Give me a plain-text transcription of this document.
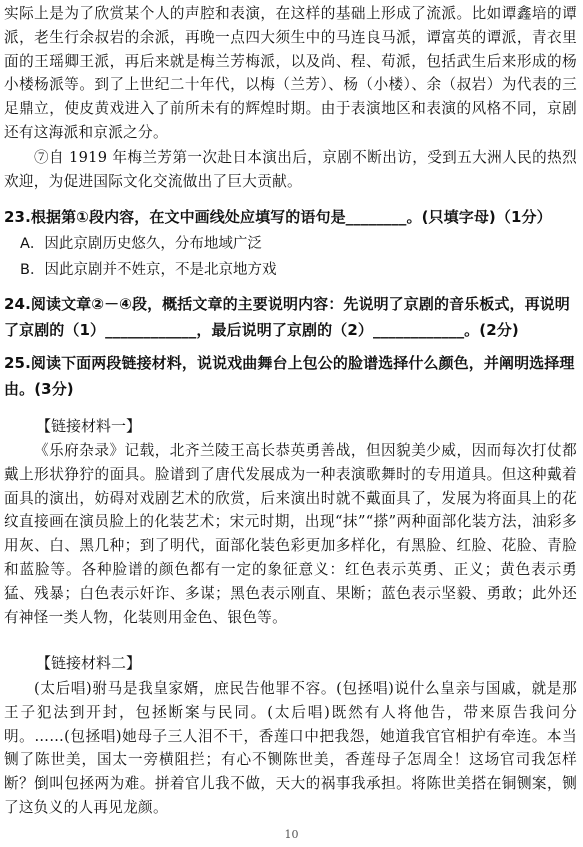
实际上是为了欣赏某个人的声腔和表演，在这样的基础上形成了流派。比如谭鑫培的谭派，老生行余叔岩的余派，再晚一点四大须生中的马连良马派，谭富英的谭派，青衣里面的王瑶卿王派，再后来就是梅兰芳梅派，以及尚、程、荀派，包括武生后来形成的杨小楼杨派等。到了上世纪二十年代，以梅（兰芳）、杨（小楼）、余（叔岩）为代表的三足鼎立，使皮黄戏进入了前所未有的辉煌时期。由于表演地区和表演的风格不同，京剧还有这海派和京派之分。

⑦自 1919 年梅兰芳第一次赴日本演出后，京剧不断出访，受到五大洲人民的热烈欢迎，为促进国际文化交流做出了巨大贡献。

23.根据第①段内容，在文中画线处应填写的语句是________。(只填字母)（1分）

A．因此京剧历史悠久，分布地域广泛

B．因此京剧并不姓京，不是北京地方戏

24.阅读文章②－④段，概括文章的主要说明内容：先说明了京剧的音乐板式，再说明了京剧的（1）____________，最后说明了京剧的（2）____________。(2分)

25.阅读下面两段链接材料，说说戏曲舞台上包公的脸谱选择什么颜色，并阐明选择理由。(3分)

【链接材料一】

《乐府杂录》记载，北齐兰陵王高长恭英勇善战，但因貌美少威，因而每次打仗都戴上形状狰狞的面具。脸谱到了唐代发展成为一种表演歌舞时的专用道具。但这种戴着面具的演出，妨碍对戏剧艺术的欣赏，后来演出时就不戴面具了，发展为将面具上的花纹直接画在演员脸上的化装艺术；宋元时期，出现“抹”“搽”两种面部化装方法，油彩多用灰、白、黑几种；到了明代，面部化装色彩更加多样化，有黑脸、红脸、花脸、青脸和蓝脸等。各种脸谱的颜色都有一定的象征意义：红色表示英勇、正义；黄色表示勇猛、残暴；白色表示奸诈、多谋；黑色表示刚直、果断；蓝色表示坚毅、勇敢；此外还有神怪一类人物，化装则用金色、银色等。

【链接材料二】

(太后唱)驸马是我皇家婿，庶民告他罪不容。(包拯唱)说什么皇亲与国戚，就是那王子犯法到开封，包拯断案与民同。(太后唱)既然有人将他告，带来原告我问分明。……(包拯唱)她母子三人泪不干，香莲口中把我怨，她道我官官相护有牵连。本当铡了陈世美，国太一旁横阻拦；有心不铡陈世美，香莲母子怎周全！这场官司我怎样断？倒叫包拯两为难。拼着官儿我不做，天大的祸事我承担。将陈世美搭在铜铡案，铡了这负义的人再见龙颜。

10
